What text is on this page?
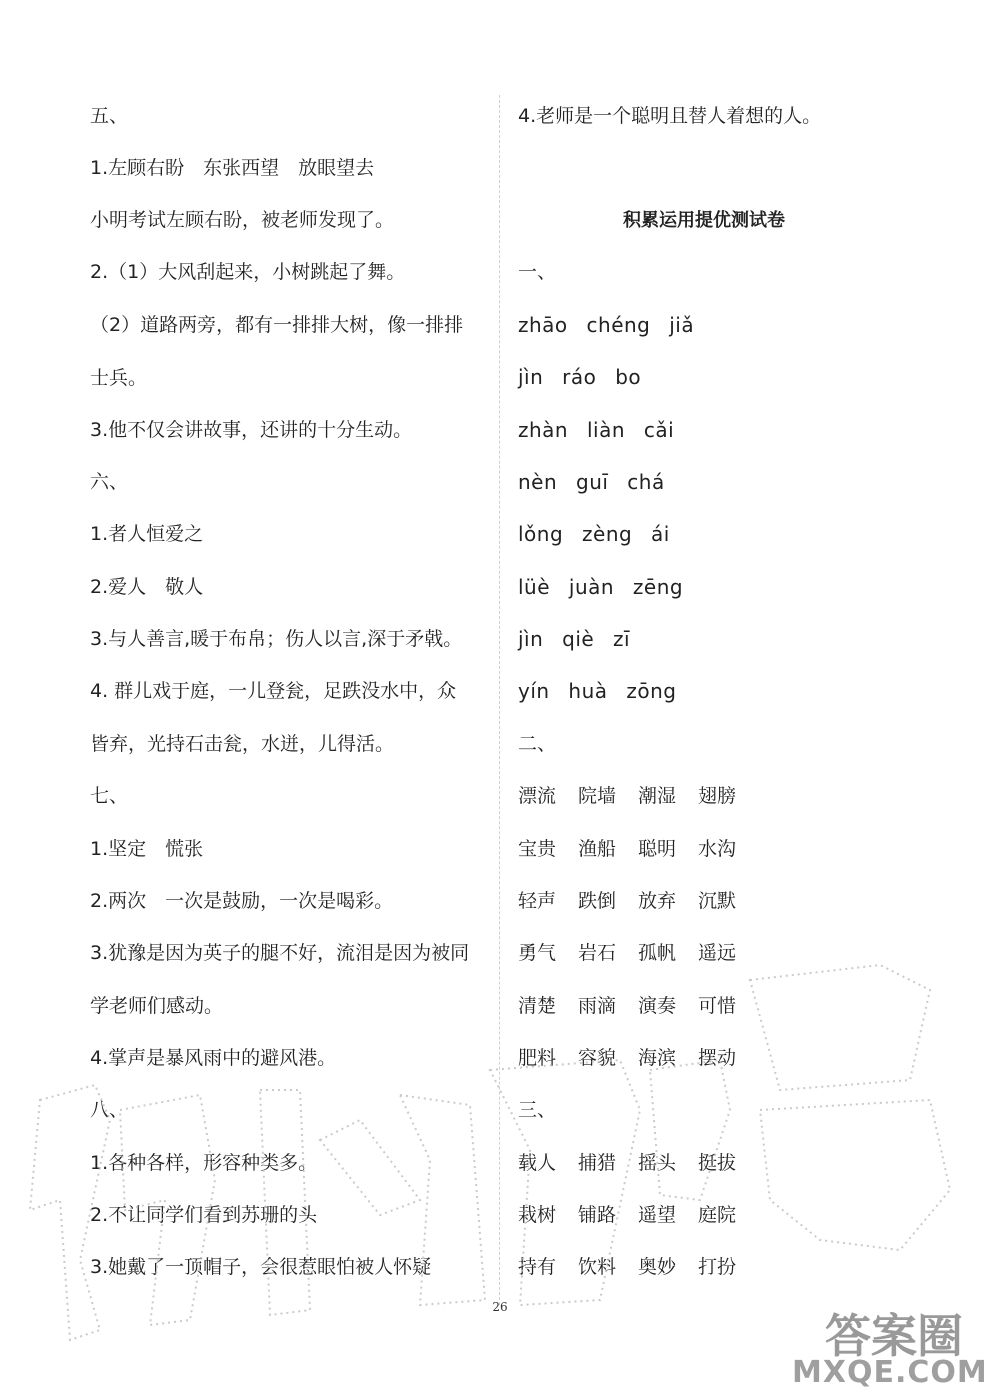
五、
1.左顾右盼　东张西望　放眼望去
小明考试左顾右盼，被老师发现了。
2.（1）大风刮起来，小树跳起了舞。
（2）道路两旁，都有一排排大树，像一排排
士兵。
3.他不仅会讲故事，还讲的十分生动。
六、
1.者人恒爱之
2.爱人　敬人
3.与人善言,暖于布帛；伤人以言,深于矛戟。
4. 群儿戏于庭，一儿登瓮，足跌没水中，众
皆弃，光持石击瓮，水迸，儿得活。
七、
1.坚定　慌张
2.两次　一次是鼓励，一次是喝彩。
3.犹豫是因为英子的腿不好，流泪是因为被同
学老师们感动。
4.掌声是暴风雨中的避风港。
八、
1.各种各样，形容种类多。
2.不让同学们看到苏珊的头
3.她戴了一顶帽子，会很惹眼怕被人怀疑
4.老师是一个聪明且替人着想的人。
积累运用提优测试卷
一、
zhāo chéng jiǎ
jìn ráo bo
zhàn liàn cǎi
nèn guī chá
lǒng zèng ái
lüè juàn zēng
jìn qiè zī
yín huà zōng
二、
漂流 院墙 潮湿 翅膀
宝贵 渔船 聪明 水沟
轻声 跌倒 放弃 沉默
勇气 岩石 孤帆 遥远
清楚 雨滴 演奏 可惜
肥料 容貌 海滨 摆动
三、
载人 捕猎 摇头 挺拔
栽树 铺路 遥望 庭院
持有 饮料 奥妙 打扮
26
答案圈
MXQE.COM
